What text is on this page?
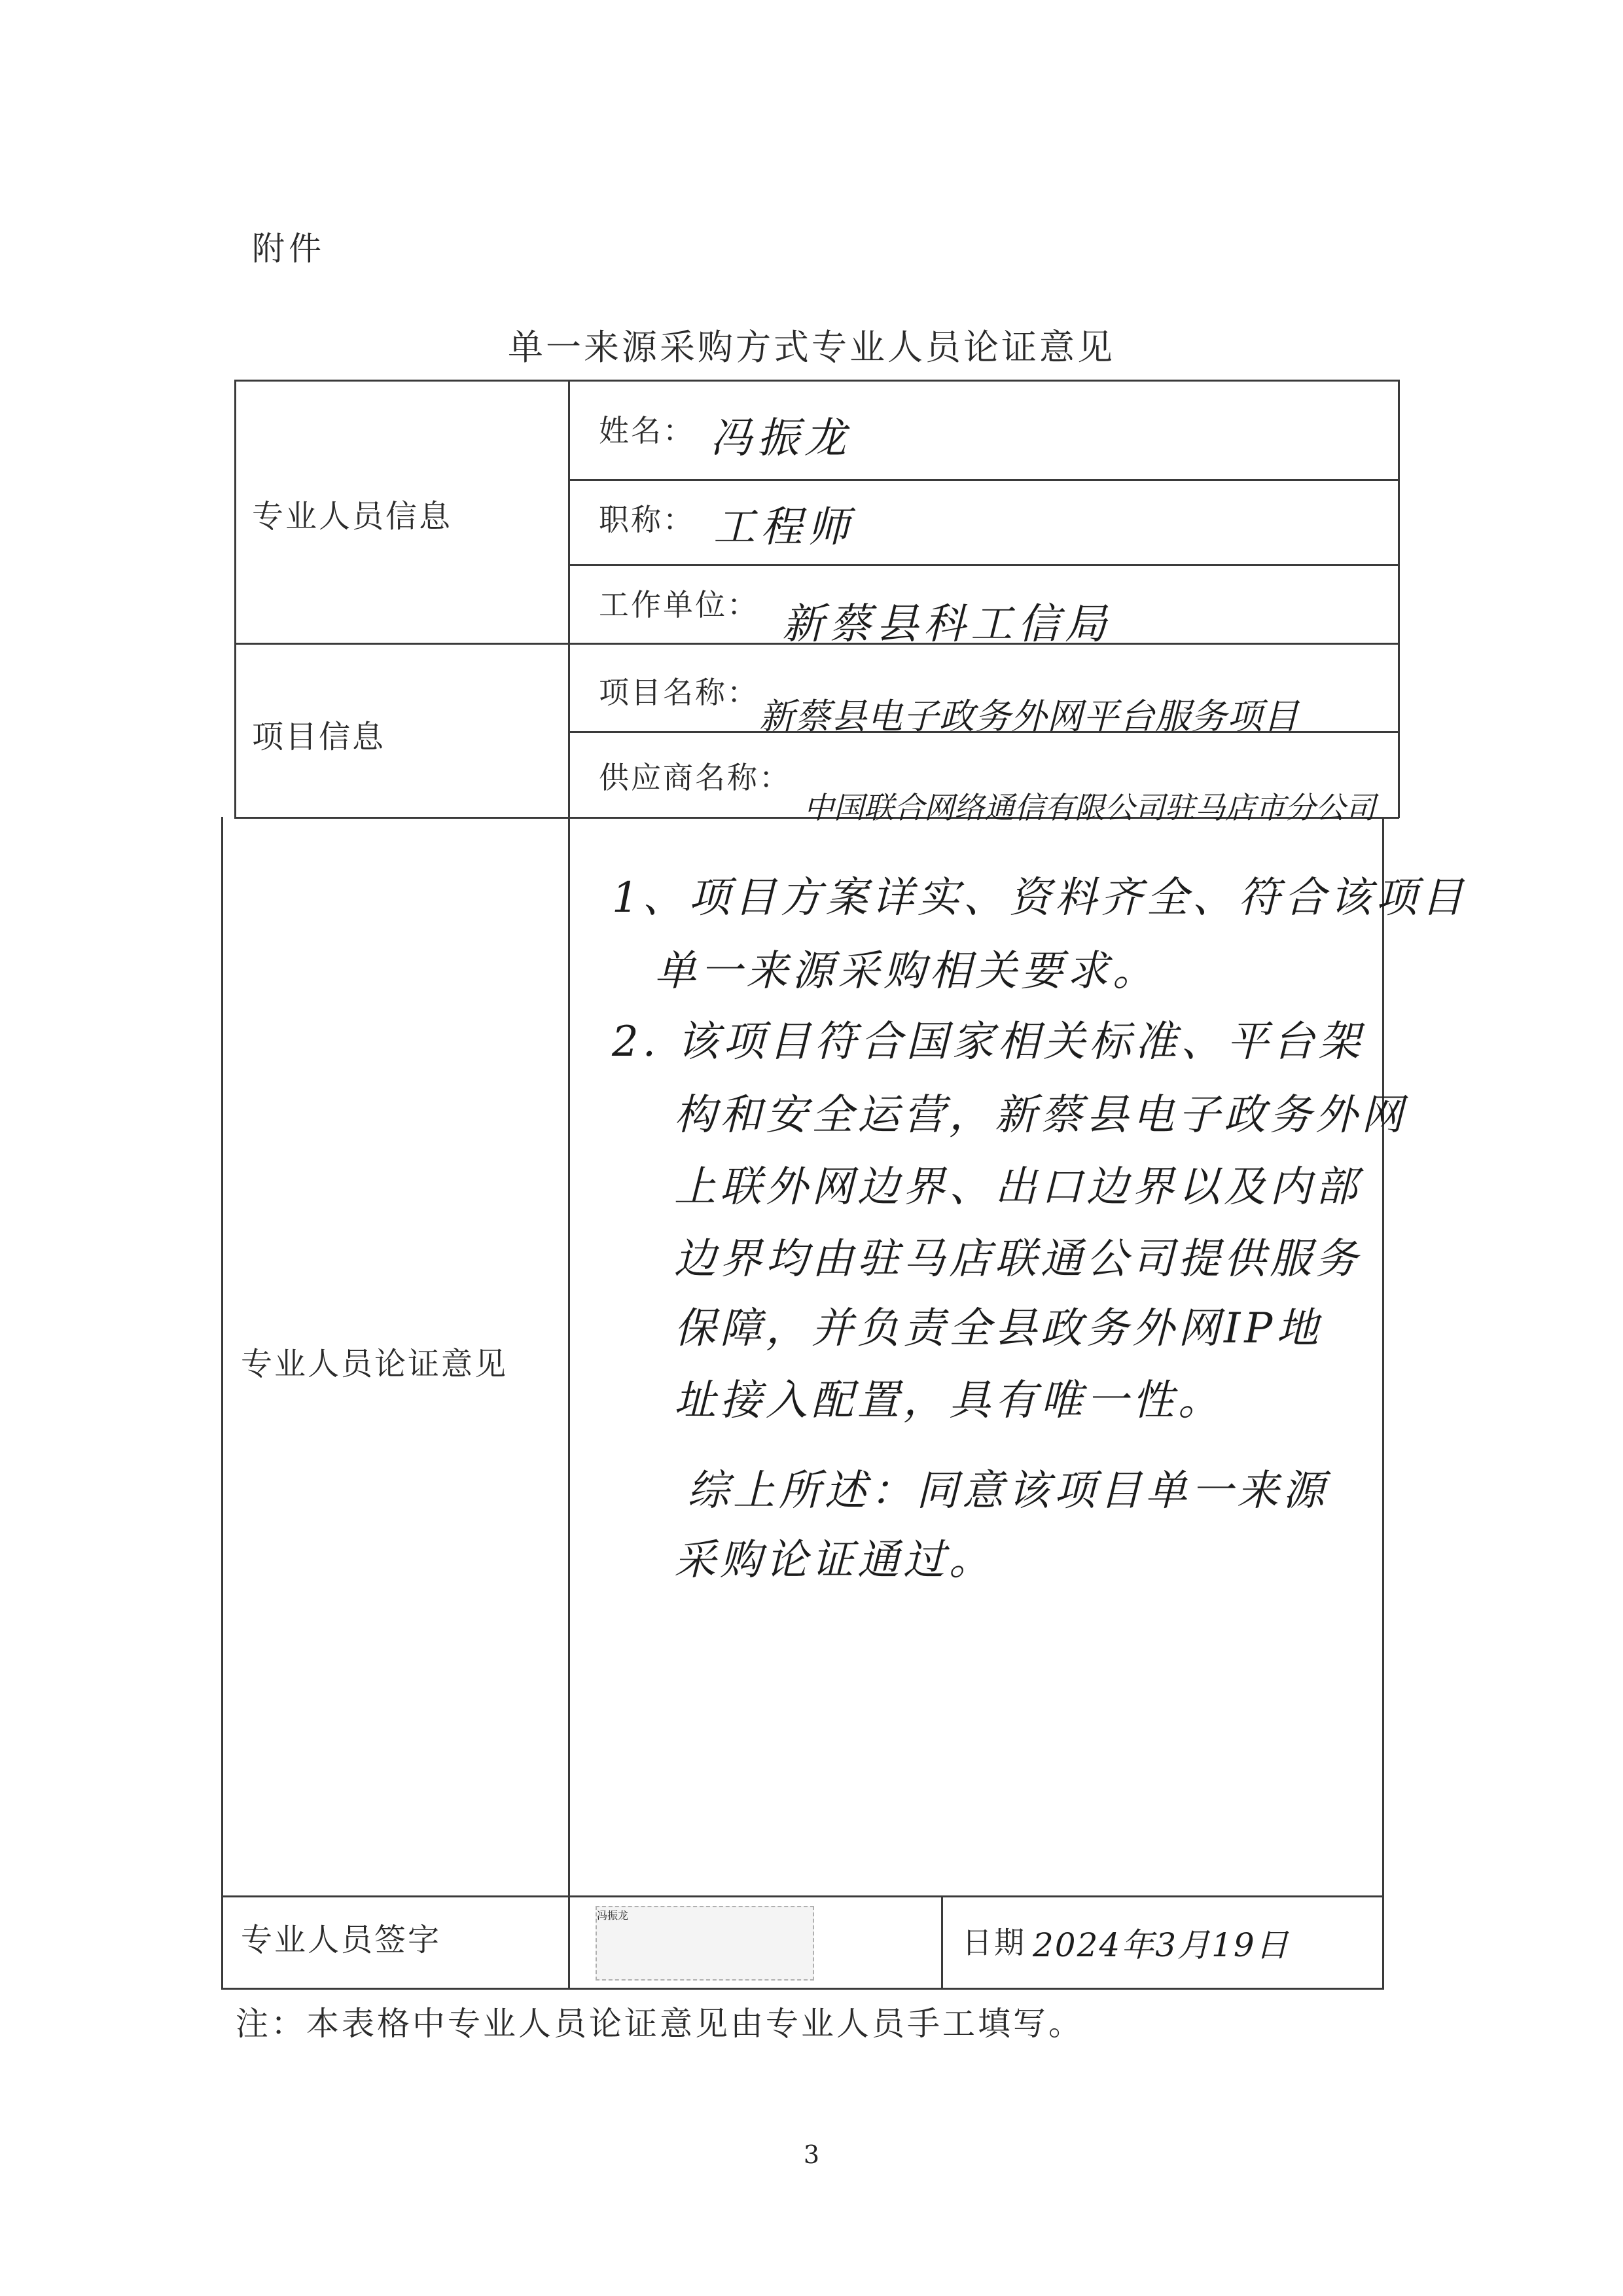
附件
单一来源采购方式专业人员论证意见
专业人员信息
项目信息
专业人员论证意见
专业人员签字
姓名： 冯振龙
职称： 工程师
工作单位： 新蔡县科工信局
项目名称：
新蔡县电子政务外网平台服务项目
供应商名称：
中国联合网络通信有限公司驻马店市分公司
1、项目方案详实、资料齐全、符合该项目
单一来源采购相关要求。
2. 该项目符合国家相关标准、平台架
构和安全运营，新蔡县电子政务外网
上联外网边界、出口边界以及内部
边界均由驻马店联通公司提供服务
保障，并负责全县政务外网IP地
址接入配置，具有唯一性。
综上所述：同意该项目单一来源
采购论证通过。
冯振龙
日期 2024年3月19日
注：本表格中专业人员论证意见由专业人员手工填写。
3
